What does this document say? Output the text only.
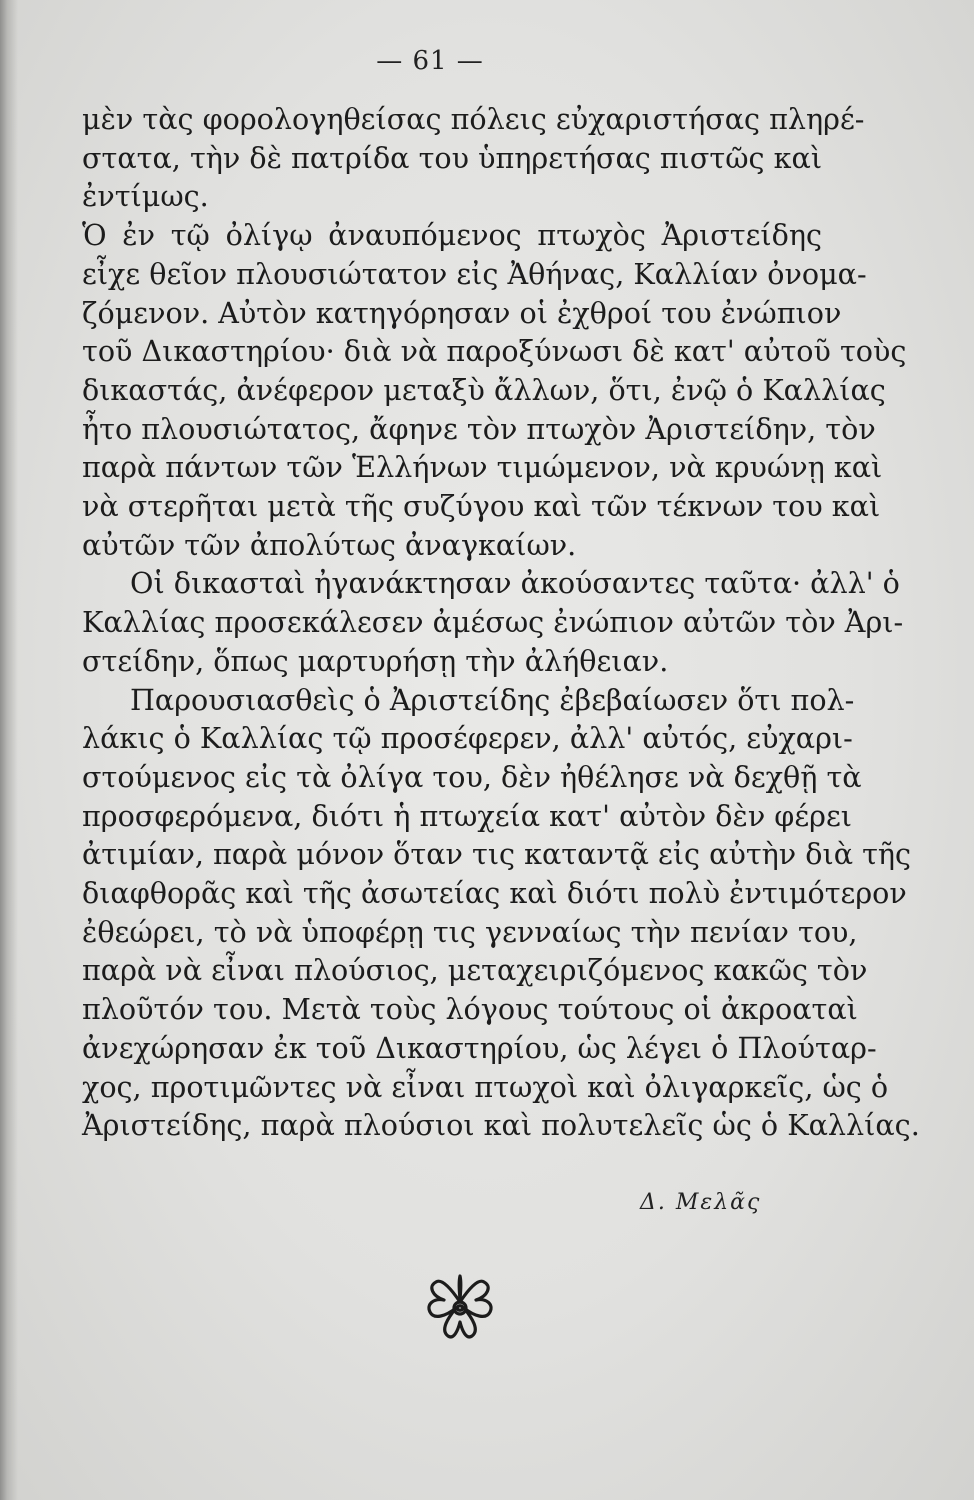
— 61 —
μὲν τὰς φορολογηθείσας πόλεις εὐχαριστήσας πληρέ-
στατα, τὴν δὲ πατρίδα του ὑπηρετήσας πιστῶς καὶ
ἐντίμως.
Ὁ ἐν τῷ ὀλίγῳ ἀναυπόμενος πτωχὸς Ἀριστείδης
εἶχε θεῖον πλουσιώτατον εἰς Ἀθήνας, Καλλίαν ὀνομα-
ζόμενον. Αὐτὸν κατηγόρησαν οἱ ἐχθροί του ἐνώπιον
τοῦ Δικαστηρίου· διὰ νὰ παροξύνωσι δὲ κατ' αὐτοῦ τοὺς
δικαστάς, ἀνέφερον μεταξὺ ἄλλων, ὅτι, ἐνῷ ὁ Καλλίας
ἦτο πλουσιώτατος, ἄφηνε τὸν πτωχὸν Ἀριστείδην, τὸν
παρὰ πάντων τῶν Ἑλλήνων τιμώμενον, νὰ κρυώνῃ καὶ
νὰ στερῆται μετὰ τῆς συζύγου καὶ τῶν τέκνων του καὶ
αὐτῶν τῶν ἀπολύτως ἀναγκαίων.
Οἱ δικασταὶ ἠγανάκτησαν ἀκούσαντες ταῦτα· ἀλλ' ὁ
Καλλίας προσεκάλεσεν ἀμέσως ἐνώπιον αὐτῶν τὸν Ἀρι-
στείδην, ὅπως μαρτυρήσῃ τὴν ἀλήθειαν.
Παρουσιασθεὶς ὁ Ἀριστείδης ἐβεβαίωσεν ὅτι πολ-
λάκις ὁ Καλλίας τῷ προσέφερεν, ἀλλ' αὐτός, εὐχαρι-
στούμενος εἰς τὰ ὀλίγα του, δὲν ἠθέλησε νὰ δεχθῇ τὰ
προσφερόμενα, διότι ἡ πτωχεία κατ' αὐτὸν δὲν φέρει
ἀτιμίαν, παρὰ μόνον ὅταν τις καταντᾷ εἰς αὐτὴν διὰ τῆς
διαφθορᾶς καὶ τῆς ἀσωτείας καὶ διότι πολὺ ἐντιμότερον
ἐθεώρει, τὸ νὰ ὑποφέρῃ τις γενναίως τὴν πενίαν του,
παρὰ νὰ εἶναι πλούσιος, μεταχειριζόμενος κακῶς τὸν
πλοῦτόν του. Μετὰ τοὺς λόγους τούτους οἱ ἀκροαταὶ
ἀνεχώρησαν ἐκ τοῦ Δικαστηρίου, ὡς λέγει ὁ Πλούταρ-
χος, προτιμῶντες νὰ εἶναι πτωχοὶ καὶ ὀλιγαρκεῖς, ὡς ὁ
Ἀριστείδης, παρὰ πλούσιοι καὶ πολυτελεῖς ὡς ὁ Καλλίας.
Δ. Μελᾶς
